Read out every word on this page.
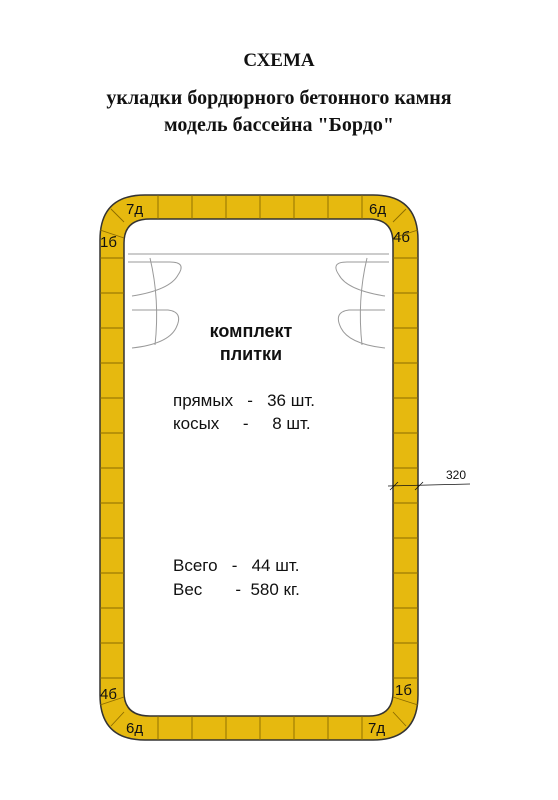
СХЕМА
укладки бордюрного бетонного камня
модель бассейна "Бордо"
320
7д
1б
6д
4б
4б
6д
1б
7д
комплект
плитки
прямых   -   36 шт.
косых     -     8 шт.
Всего   -   44 шт.
Вес       -  580 кг.
